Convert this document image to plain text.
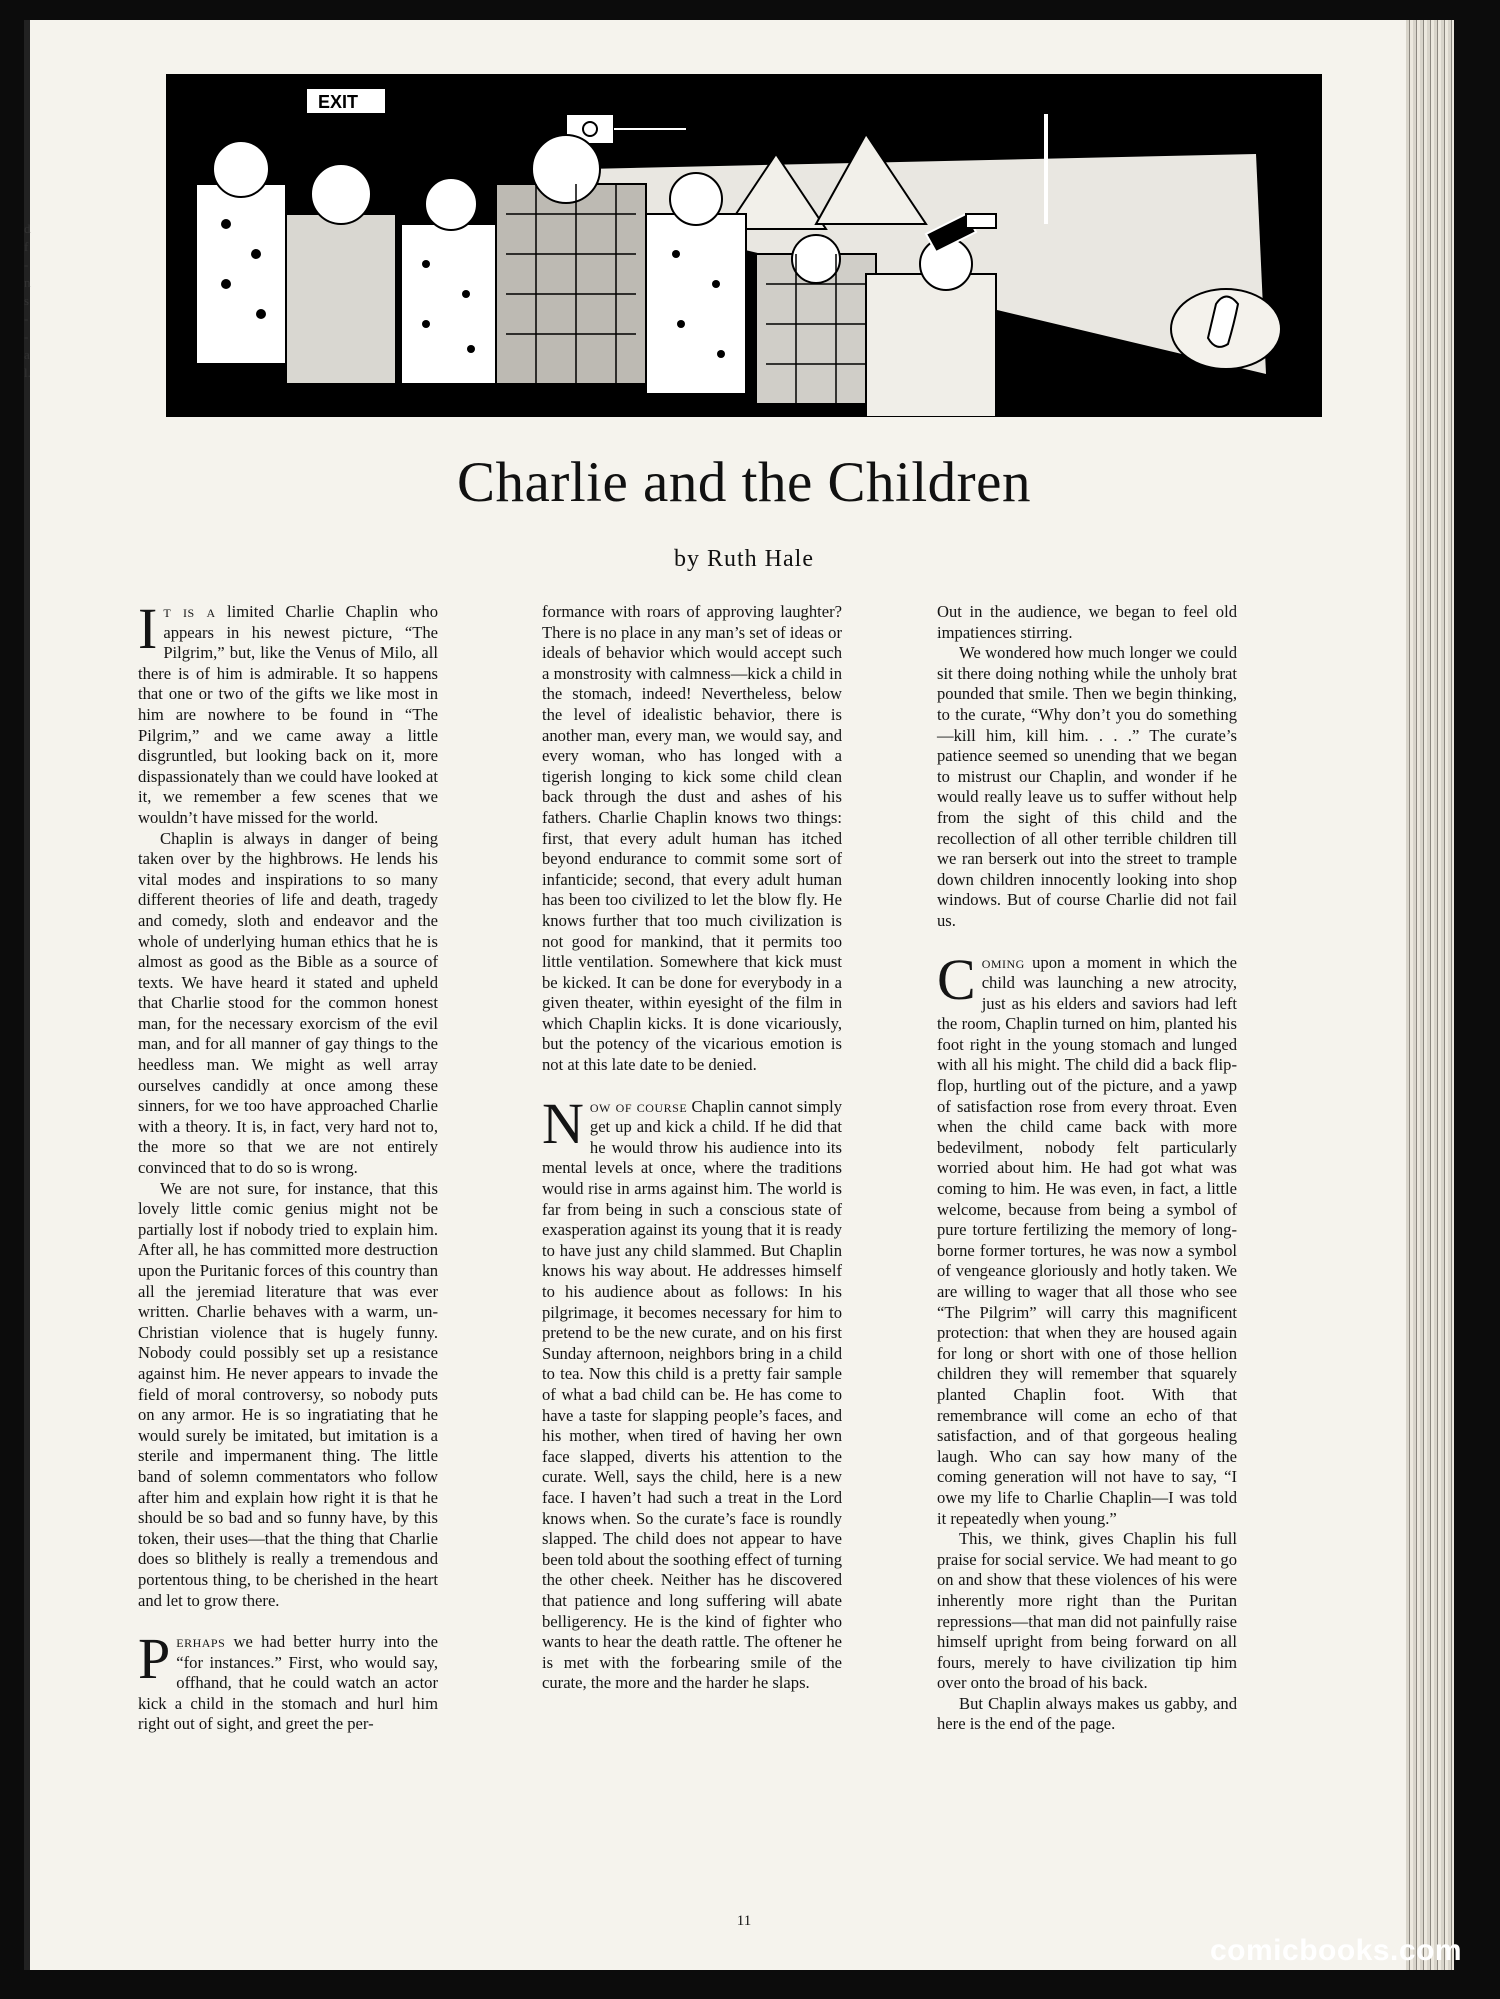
d
f
-
n
s
-
-
a
l.
EXIT
H.P.
Charlie and the Children
by Ruth Hale

It is a limited Charlie Chaplin who appears in his newest picture, “The Pilgrim,” but, like the Venus of Milo, all there is of him is admirable. It so happens that one or two of the gifts we like most in him are nowhere to be found in “The Pilgrim,” and we came away a little disgruntled, but looking back on it, more dispassionately than we could have looked at it, we remember a few scenes that we wouldn’t have missed for the world.

Chaplin is always in danger of being taken over by the highbrows. He lends his vital modes and inspirations to so many different theories of life and death, tragedy and comedy, sloth and endeavor and the whole of underlying human ethics that he is almost as good as the Bible as a source of texts. We have heard it stated and upheld that Charlie stood for the common honest man, for the necessary exorcism of the evil man, and for all manner of gay things to the heedless man. We might as well array ourselves candidly at once among these sinners, for we too have approached Charlie with a theory. It is, in fact, very hard not to, the more so that we are not entirely convinced that to do so is wrong.

We are not sure, for instance, that this lovely little comic genius might not be partially lost if nobody tried to explain him. After all, he has committed more destruction upon the Puritanic forces of this country than all the jeremiad literature that was ever written. Charlie behaves with a warm, un-Christian violence that is hugely funny. Nobody could possibly set up a resistance against him. He never appears to invade the field of moral controversy, so nobody puts on any armor. He is so ingratiating that he would surely be imitated, but imitation is a sterile and impermanent thing. The little band of solemn commentators who follow after him and explain how right it is that he should be so bad and so funny have, by this token, their uses—that the thing that Charlie does so blithely is really a tremendous and portentous thing, to be cherished in the heart and let to grow there.

Perhaps we had better hurry into the “for instances.” First, who would say, offhand, that he could watch an actor kick a child in the stomach and hurl him right out of sight, and greet the per-

formance with roars of approving laughter? There is no place in any man’s set of ideas or ideals of behavior which would accept such a monstrosity with calmness—kick a child in the stomach, indeed! Nevertheless, below the level of idealistic behavior, there is another man, every man, we would say, and every woman, who has longed with a tigerish longing to kick some child clean back through the dust and ashes of his fathers. Charlie Chaplin knows two things: first, that every adult human has itched beyond endurance to commit some sort of infanticide; second, that every adult human has been too civilized to let the blow fly. He knows further that too much civilization is not good for mankind, that it permits too little ventilation. Somewhere that kick must be kicked. It can be done for everybody in a given theater, within eyesight of the film in which Chaplin kicks. It is done vicariously, but the potency of the vicarious emotion is not at this late date to be denied.

Now of course Chaplin cannot simply get up and kick a child. If he did that he would throw his audience into its mental levels at once, where the traditions would rise in arms against him. The world is far from being in such a conscious state of exasperation against its young that it is ready to have just any child slammed. But Chaplin knows his way about. He addresses himself to his audience about as follows: In his pilgrimage, it becomes necessary for him to pretend to be the new curate, and on his first Sunday afternoon, neighbors bring in a child to tea. Now this child is a pretty fair sample of what a bad child can be. He has come to have a taste for slapping people’s faces, and his mother, when tired of having her own face slapped, diverts his attention to the curate. Well, says the child, here is a new face. I haven’t had such a treat in the Lord knows when. So the curate’s face is roundly slapped. The child does not appear to have been told about the soothing effect of turning the other cheek. Neither has he discovered that patience and long suffering will abate belligerency. He is the kind of fighter who wants to hear the death rattle. The oftener he is met with the forbearing smile of the curate, the more and the harder he slaps.

Out in the audience, we began to feel old impatiences stirring.

We wondered how much longer we could sit there doing nothing while the unholy brat pounded that smile. Then we begin thinking, to the curate, “Why don’t you do something—kill him, kill him. . . .” The curate’s patience seemed so unending that we began to mistrust our Chaplin, and wonder if he would really leave us to suffer without help from the sight of this child and the recollection of all other terrible children till we ran berserk out into the street to trample down children innocently looking into shop windows. But of course Charlie did not fail us.

Coming upon a moment in which the child was launching a new atrocity, just as his elders and saviors had left the room, Chaplin turned on him, planted his foot right in the young stomach and lunged with all his might. The child did a back flip-flop, hurtling out of the picture, and a yawp of satisfaction rose from every throat. Even when the child came back with more bedevilment, nobody felt particularly worried about him. He had got what was coming to him. He was even, in fact, a little welcome, because from being a symbol of pure torture fertilizing the memory of long-borne former tortures, he was now a symbol of vengeance gloriously and hotly taken. We are willing to wager that all those who see “The Pilgrim” will carry this magnificent protection: that when they are housed again for long or short with one of those hellion children they will remember that squarely planted Chaplin foot. With that remembrance will come an echo of that satisfaction, and of that gorgeous healing laugh. Who can say how many of the coming generation will not have to say, “I owe my life to Charlie Chaplin—I was told it repeatedly when young.”

This, we think, gives Chaplin his full praise for social service. We had meant to go on and show that these violences of his were inherently more right than the Puritan repressions—that man did not painfully raise himself upright from being forward on all fours, merely to have civilization tip him over onto the broad of his back.

But Chaplin always makes us gabby, and here is the end of the page.

11
comicbooks.com
